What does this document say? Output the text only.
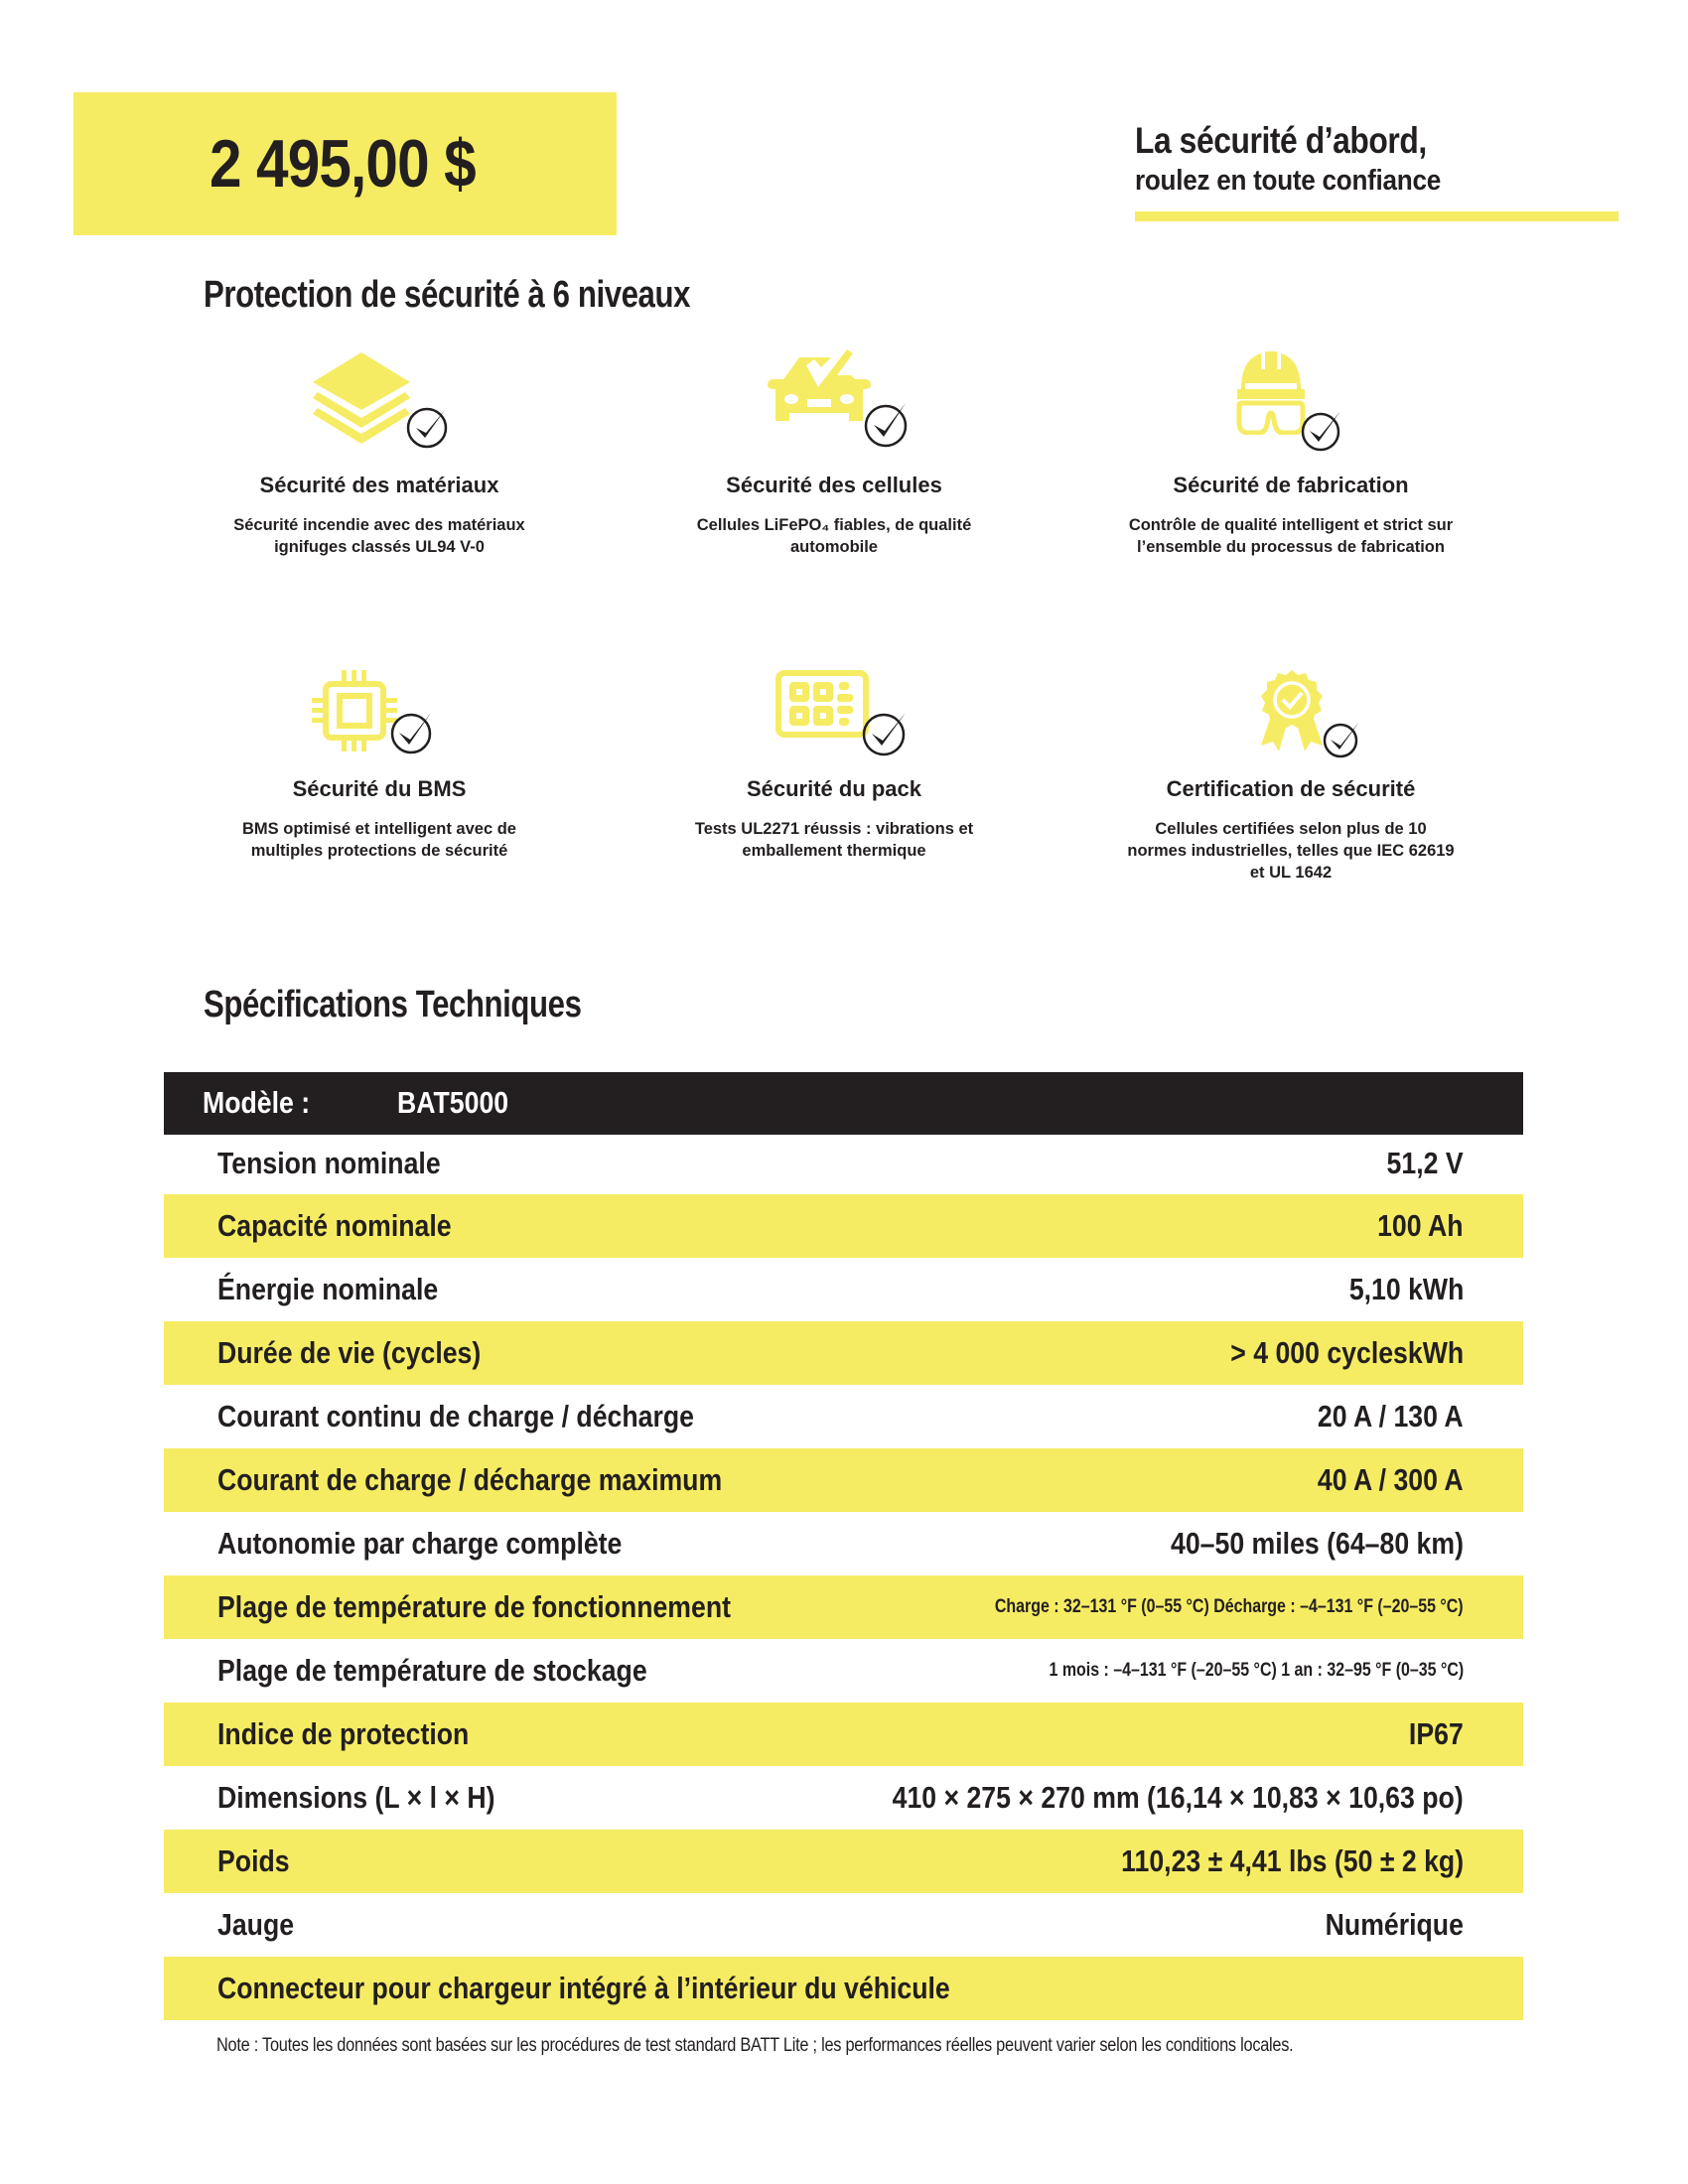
2 495,00 $	La sécurité d’abord,
roulez en toute confiance
Protection de sécurité à 6 niveaux
Sécurité des matériaux
Sécurité incendie avec des matériaux ignifuges classés UL94 V-0
Sécurité des cellules
Cellules LiFePO₄ fiables, de qualité automobile
Sécurité de fabrication
Contrôle de qualité intelligent et strict sur l’ensemble du processus de fabrication
Sécurité du BMS
BMS optimisé et intelligent avec de multiples protections de sécurité
Sécurité du pack
Tests UL2271 réussis : vibrations et emballement thermique
Certification de sécurité
Cellules certifiées selon plus de 10 normes industrielles, telles que IEC 62619 et UL 1642
Spécifications Techniques
Modèle :	BAT5000
Tension nominale	51,2 V
Capacité nominale	100 Ah
Énergie nominale	5,10 kWh
Durée de vie (cycles)	> 4 000 cycleskWh
Courant continu de charge / décharge	20 A / 130 A
Courant de charge / décharge maximum	40 A / 300 A
Autonomie par charge complète	40–50 miles (64–80 km)
Plage de température de fonctionnement	Charge : 32–131 °F (0–55 °C) Décharge : –4–131 °F (–20–55 °C)
Plage de température de stockage	1 mois : –4–131 °F (–20–55 °C) 1 an : 32–95 °F (0–35 °C)
Indice de protection	IP67
Dimensions (L × l × H)	410 × 275 × 270 mm (16,14 × 10,83 × 10,63 po)
Poids	110,23 ± 4,41 lbs (50 ± 2 kg)
Jauge	Numérique
Connecteur pour chargeur intégré à l’intérieur du véhicule
Note : Toutes les données sont basées sur les procédures de test standard BATT Lite ; les performances réelles peuvent varier selon les conditions locales.
